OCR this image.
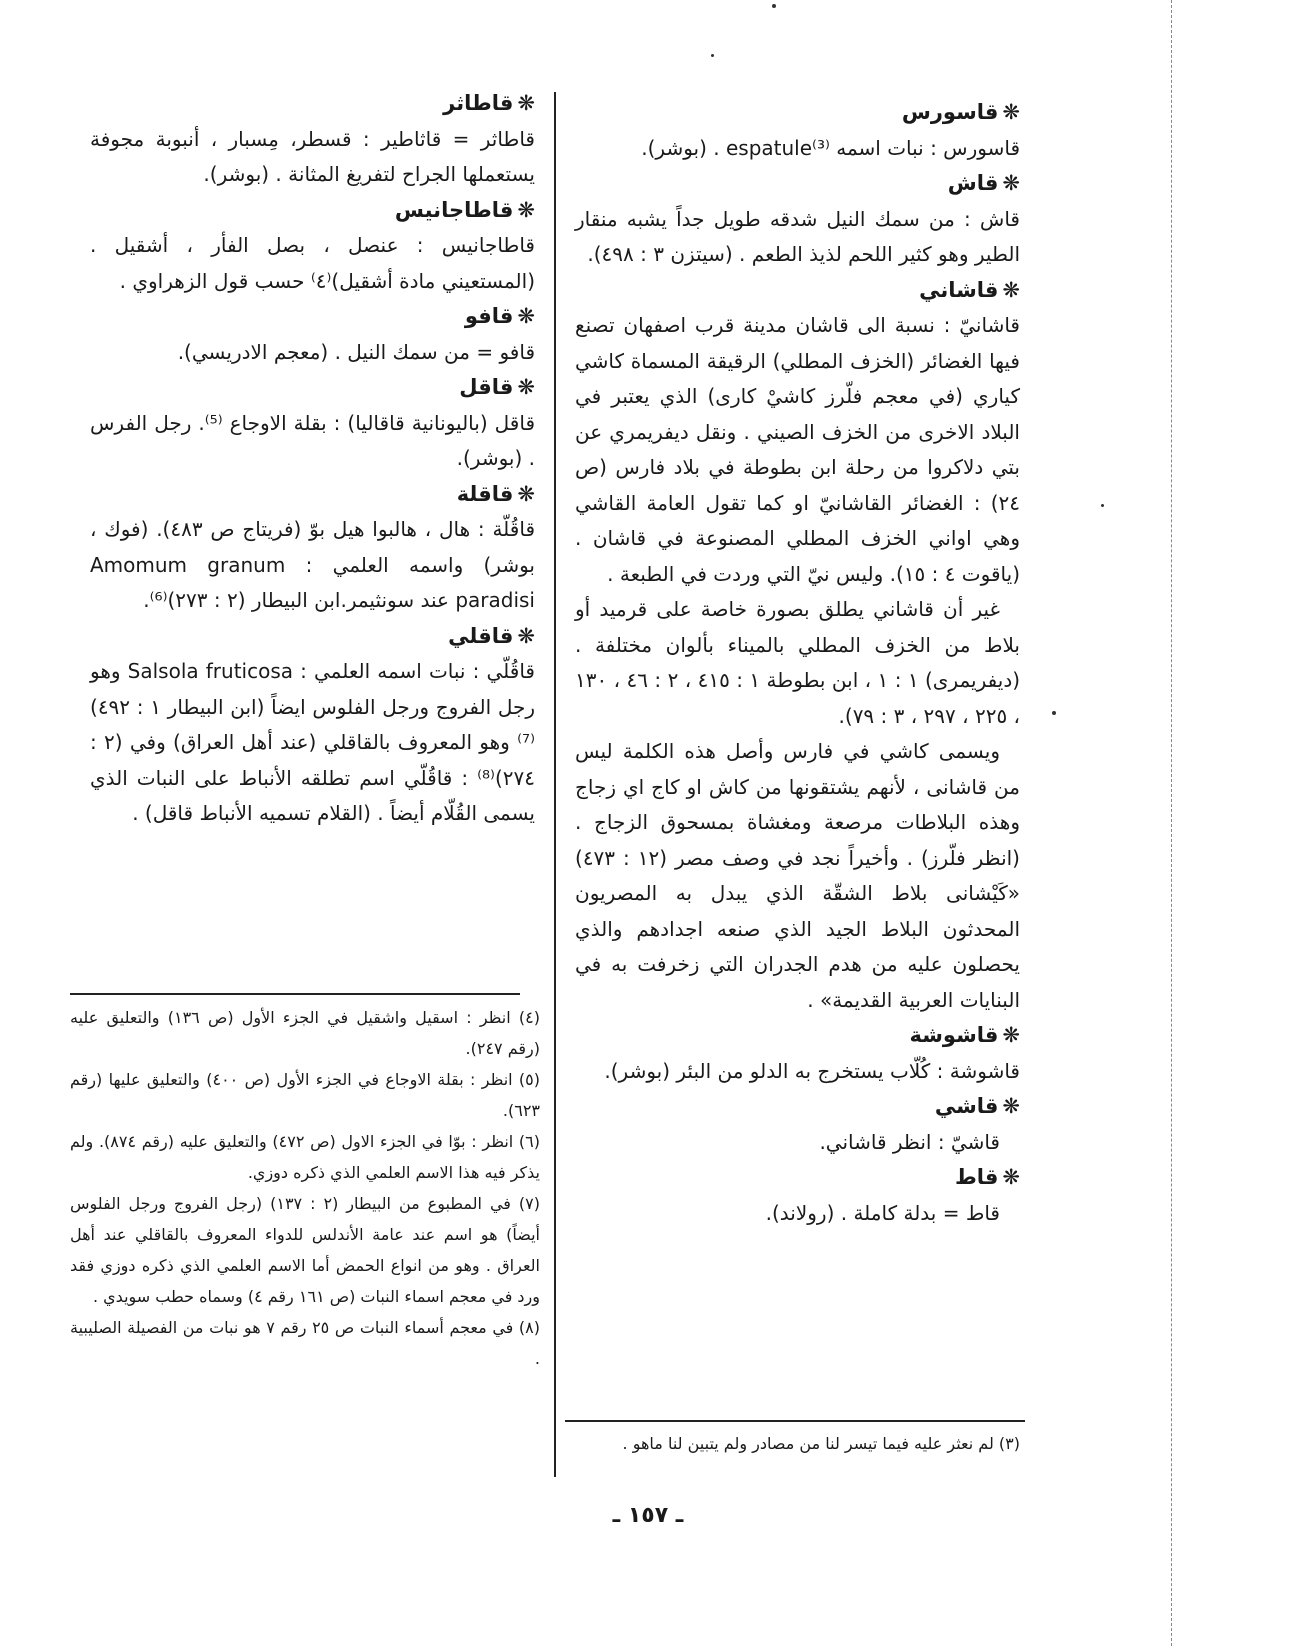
❋قاسورس
قاسورس : نبات اسمه espatule⁽³⁾ . (بوشر).
❋قاش
قاش : من سمك النيل شدقه طويل جداً يشبه منقار الطير وهو كثير اللحم لذيذ الطعم . (سيتزن ٣ : ٤٩٨).
❋قاشاني
قاشانيّ : نسبة الى قاشان مدينة قرب اصفهان تصنع فيها الغضائر (الخزف المطلي) الرقيقة المسماة كاشي كياري (في معجم فلّرز كاشيْ كارى) الذي يعتبر في البلاد الاخرى من الخزف الصيني . ونقل ديفريمري عن بتي دلاكروا من رحلة ابن بطوطة في بلاد فارس (ص ٢٤) : الغضائر القاشانيّ او كما تقول العامة القاشي وهي اواني الخزف المطلي المصنوعة في قاشان . (ياقوت ٤ : ١٥). وليس نيّ التي وردت في الطبعة .
غير أن قاشاني يطلق بصورة خاصة على قرميد أو بلاط من الخزف المطلي بالميناء بألوان مختلفة . (ديفريمرى) ١ : ١ ، ابن بطوطة ١ : ٤١٥ ، ٢ : ٤٦ ، ١٣٠ ، ٢٢٥ ، ٢٩٧ ، ٣ : ٧٩).
ويسمى كاشي في فارس وأصل هذه الكلمة ليس من قاشانى ، لأنهم يشتقونها من كاش او كاج اي زجاج وهذه البلاطات مرصعة ومغشاة بمسحوق الزجاج . (انظر فلّرز) . وأخيراً نجد في وصف مصر (١٢ : ٤٧٣) «كَيْشانى بلاط الشقّة الذي يبدل به المصريون المحدثون البلاط الجيد الذي صنعه اجدادهم والذي يحصلون عليه من هدم الجدران التي زخرفت به في البنايات العربية القديمة» .
❋قاشوشة
قاشوشة : كُلّاب يستخرج به الدلو من البئر (بوشر).
❋قاشي
قاشيّ : انظر قاشاني.
❋قاط
قاط = بدلة كاملة . (رولاند).
❋قاطاثر
قاطاثر = قاثاطير : قسطر، مِسبار ، أنبوبة مجوفة يستعملها الجراح لتفريغ المثانة . (بوشر).
❋قاطاجانيس
قاطاجانيس : عنصل ، بصل الفأر ، أشقيل . (المستعيني مادة أشقيل)⁽٤⁾ حسب قول الزهراوي .
❋قافو
قافو = من سمك النيل . (معجم الادريسي).
❋قاقل
قاقل (باليونانية قاقاليا) : بقلة الاوجاع ⁽⁵⁾. رجل الفرس . (بوشر).
❋قاقلة
قاقُلّة : هال ، هالبوا هيل بوّ (فريتاج ص ٤٨٣). (فوك ، بوشر) واسمه العلمي : Amomum granum paradisi عند سونثيمر.ابن البيطار (٢ : ٢٧٣)⁽⁶⁾.
❋قاقلي
قاقُلّي : نبات اسمه العلمي : Salsola fruticosa وهو رجل الفروج ورجل الفلوس ايضاً (ابن البيطار ١ : ٤٩٢)⁽⁷⁾ وهو المعروف بالقاقلي (عند أهل العراق) وفي (٢ : ٢٧٤)⁽⁸⁾ : قاقُلّي اسم تطلقه الأنباط على النبات الذي يسمى القُلّام أيضاً . (القلام تسميه الأنباط قاقل) .
(٤) انظر : اسقيل واشقيل في الجزء الأول (ص ١٣٦) والتعليق عليه (رقم ٢٤٧).
(٥) انظر : بقلة الاوجاع في الجزء الأول (ص ٤٠٠) والتعليق عليها (رقم ٦٢٣).
(٦) انظر : بوّا في الجزء الاول (ص ٤٧٢) والتعليق عليه (رقم ٨٧٤). ولم يذكر فيه هذا الاسم العلمي الذي ذكره دوزي.
(٧) في المطبوع من البيطار (٢ : ١٣٧) (رجل الفروج ورجل الفلوس أيضاً) هو اسم عند عامة الأندلس للدواء المعروف بالقاقلي عند أهل العراق . وهو من انواع الحمض أما الاسم العلمي الذي ذكره دوزي فقد ورد في معجم اسماء النبات (ص ١٦١ رقم ٤) وسماه حطب سويدي .
(٨) في معجم أسماء النبات ص ٢٥ رقم ٧ هو نبات من الفصيلة الصليبية .
(٣) لم نعثر عليه فيما تيسر لنا من مصادر ولم يتبين لنا ماهو .
ـ ١٥٧ ـ
